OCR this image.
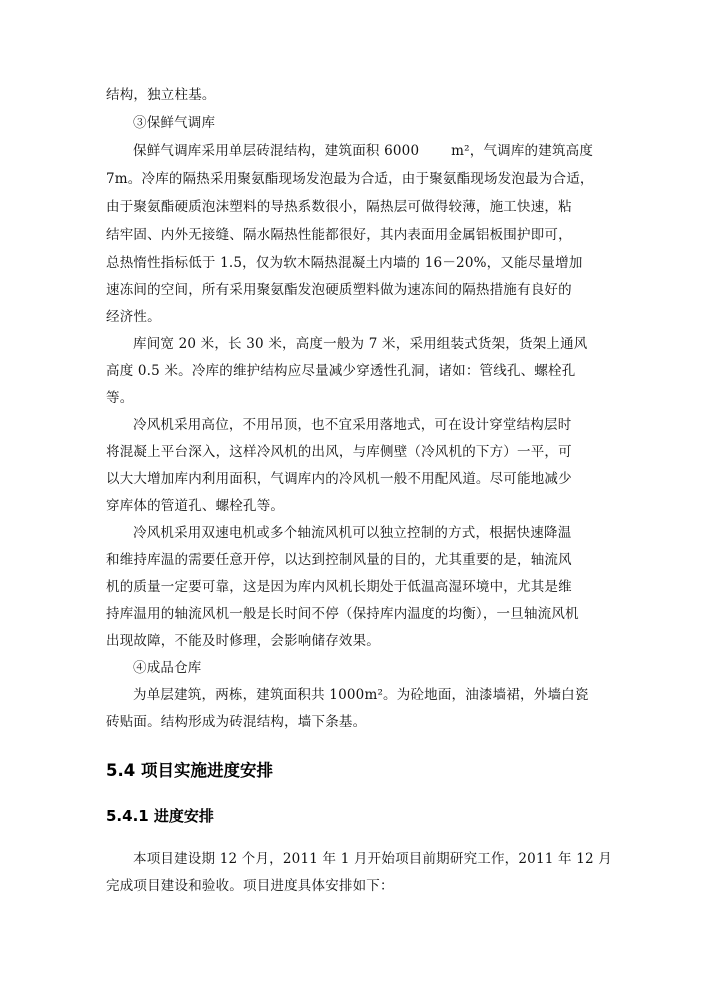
结构，独立柱基。
③保鲜气调库
保鲜气调库采用单层砖混结构，建筑面积 6000　　 m²，气调库的建筑高度
7m。冷库的隔热采用聚氨酯现场发泡最为合适，由于聚氨酯现场发泡最为合适，
由于聚氨酯硬质泡沫塑料的导热系数很小，隔热层可做得较薄，施工快速，粘
结牢固、内外无接缝、隔水隔热性能都很好，其内表面用金属铝板围护即可，
总热惰性指标低于 1.5，仅为软木隔热混凝土内墙的 16－20%，又能尽量增加
速冻间的空间，所有采用聚氨酯发泡硬质塑料做为速冻间的隔热措施有良好的
经济性。
库间宽 20 米，长 30 米，高度一般为 7 米，采用组装式货架，货架上通风
高度 0.5 米。冷库的维护结构应尽量减少穿透性孔洞，诸如：管线孔、螺栓孔
等。
冷风机采用高位，不用吊顶，也不宜采用落地式，可在设计穿堂结构层时
将混凝上平台深入，这样冷风机的出风，与库侧壁（冷风机的下方）一平，可
以大大增加库内利用面积，气调库内的冷风机一般不用配风道。尽可能地减少
穿库体的管道孔、螺栓孔等。
冷风机采用双速电机或多个轴流风机可以独立控制的方式，根据快速降温
和维持库温的需要任意开停，以达到控制风量的目的，尤其重要的是，轴流风
机的质量一定要可靠，这是因为库内风机长期处于低温高湿环境中，尤其是维
持库温用的轴流风机一般是长时间不停（保持库内温度的均衡），一旦轴流风机
出现故障，不能及时修理，会影响储存效果。
④成品仓库
为单层建筑，两栋，建筑面积共 1000m²。为砼地面，油漆墙裙，外墙白瓷
砖贴面。结构形成为砖混结构，墙下条基。
5.4 项目实施进度安排
5.4.1 进度安排
本项目建设期 12 个月，2011 年 1 月开始项目前期研究工作，2011 年 12 月
完成项目建设和验收。项目进度具体安排如下：
